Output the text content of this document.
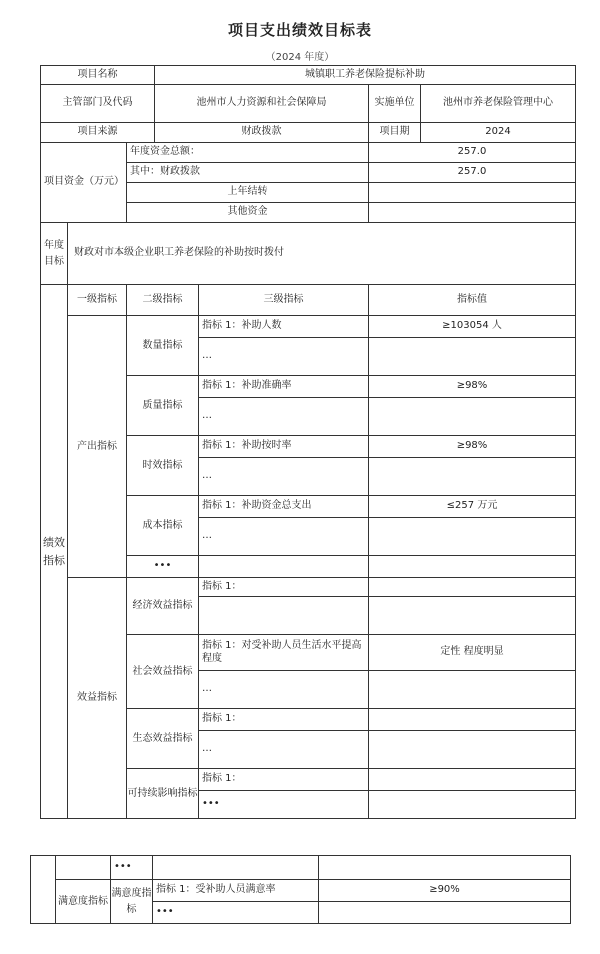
项目支出绩效目标表
（2024 年度）
项目名称			城镇职工养老保险提标补助			
主管部门及代码			池州市人力资源和社会保障局		实施单位	池州市养老保险管理中心
项目来源			财政拨款		项目期	2024
项目资金（万元）		年度资金总额：			257.0	
		其中：财政拨款			257.0	
		上年结转				
		其他资金				
年度目标	财政对市本级企业职工养老保险的补助按时拨付					
绩效指标	一级指标	二级指标		三级指标	指标值	
	产出指标	数量指标		指标 1：补助人数	≥103054 人	
				…		
		质量指标		指标 1：补助准确率	≥98%	
				…		
		时效指标		指标 1：补助按时率	≥98%	
				…		
		成本指标		指标 1：补助资金总支出	≤257 万元	
				…		
		•••				
	效益指标	经济效益指标		指标 1：		

		社会效益指标		指标 1：对受补助人员生活水平提高程度	定性 程度明显	
				…		
		生态效益指标		指标 1：		
				…		
		可持续影响指标		指标 1：		
				•••		
		•••		
	满意度指标	满意度指标	指标 1：受补助人员满意率	≥90%
			•••	
